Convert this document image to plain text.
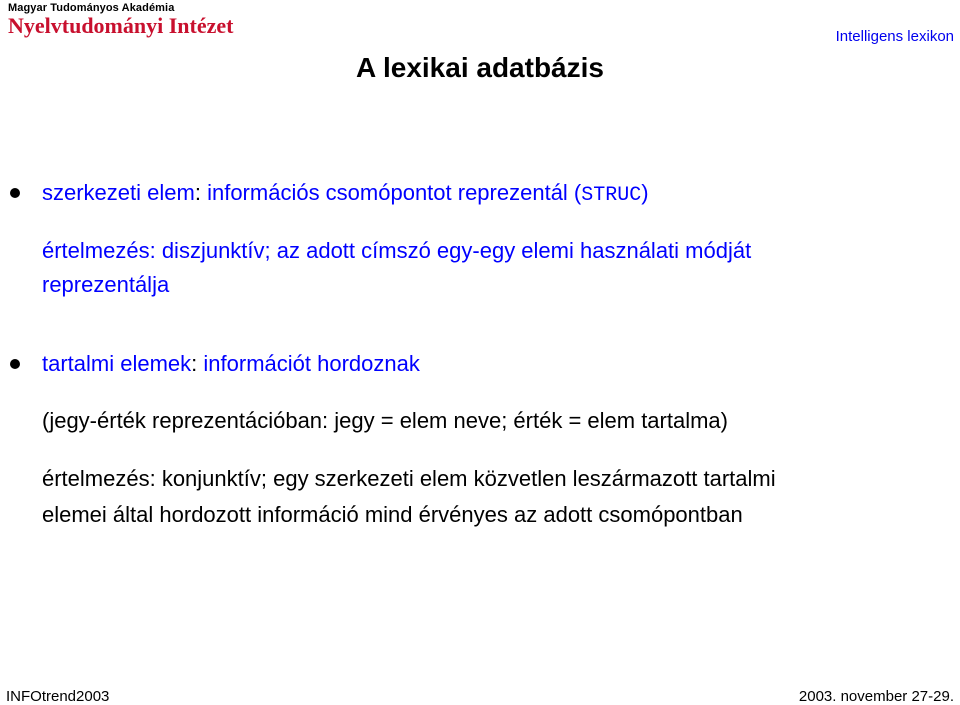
Magyar Tudományos Akadémia
Nyelvtudományi Intézet	Intelligens lexikon
A lexikai adatbázis
szerkezeti elem: információs csomópontot reprezentál (STRUC)
értelmezés: diszjunktív; az adott címszó egy-egy elemi használati módját
reprezentálja
tartalmi elemek: információt hordoznak
(jegy-érték reprezentációban: jegy = elem neve; érték = elem tartalma)
értelmezés: konjunktív; egy szerkezeti elem közvetlen leszármazott tartalmi
elemei által hordozott információ mind érvényes az adott csomópontban
INFOtrend2003	2003. november 27-29.
